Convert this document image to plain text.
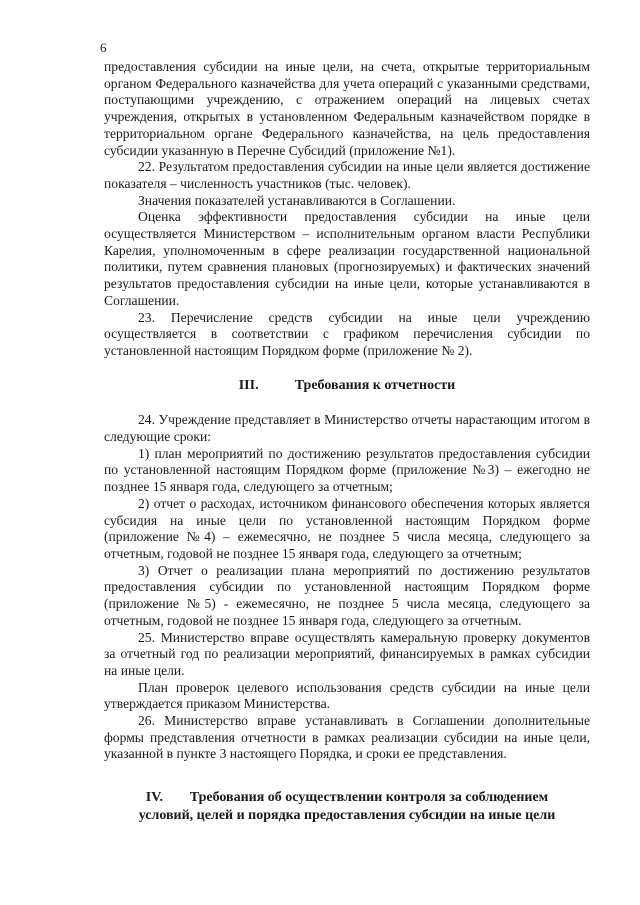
6

предоставления субсидии на иные цели, на счета, открытые территориальным органом Федерального казначейства для учета операций с указанными средствами, поступающими учреждению, с отражением операций на лицевых счетах учреждения, открытых в установленном Федеральным казначейством порядке в территориальном органе Федерального казначейства, на цель предоставления субсидии указанную в Перечне Субсидий (приложение №1).

22. Результатом предоставления субсидии на иные цели является достижение показателя – численность участников (тыс. человек).

Значения показателей устанавливаются в Соглашении.

Оценка эффективности предоставления субсидии на иные цели осуществляется Министерством – исполнительным органом власти Республики Карелия, уполномоченным в сфере реализации государственной национальной политики, путем сравнения плановых (прогнозируемых) и фактических значений результатов предоставления субсидии на иные цели, которые устанавливаются в Соглашении.

23. Перечисление средств субсидии на иные цели учреждению осуществляется в соответствии с графиком перечисления субсидии по установленной настоящим Порядком форме (приложение № 2).

III.	Требования к отчетности

24. Учреждение представляет в Министерство отчеты нарастающим итогом в следующие сроки:

1) план мероприятий по достижению результатов предоставления субсидии по установленной настоящим Порядком форме (приложение №3) – ежегодно не позднее 15 января года, следующего за отчетным;

2) отчет о расходах, источником финансового обеспечения которых является субсидия на иные цели по установленной настоящим Порядком форме (приложение №4) – ежемесячно, не позднее 5 числа месяца, следующего за отчетным, годовой не позднее 15 января года, следующего за отчетным;

3) Отчет о реализации плана мероприятий по достижению результатов предоставления субсидии по установленной настоящим Порядком форме (приложение №5) - ежемесячно, не позднее 5 числа месяца, следующего за отчетным, годовой не позднее 15 января года, следующего за отчетным.

25. Министерство вправе осуществлять камеральную проверку документов за отчетный год по реализации мероприятий, финансируемых в рамках субсидии на иные цели.

План проверок целевого использования средств субсидии на иные цели утверждается приказом Министерства.

26. Министерство вправе устанавливать в Соглашении дополнительные формы представления отчетности в рамках реализации субсидии на иные цели, указанной в пункте 3 настоящего Порядка, и сроки ее представления.

IV. Требования об осуществлении контроля за соблюдением
условий, целей и порядка предоставления субсидии на иные цели
